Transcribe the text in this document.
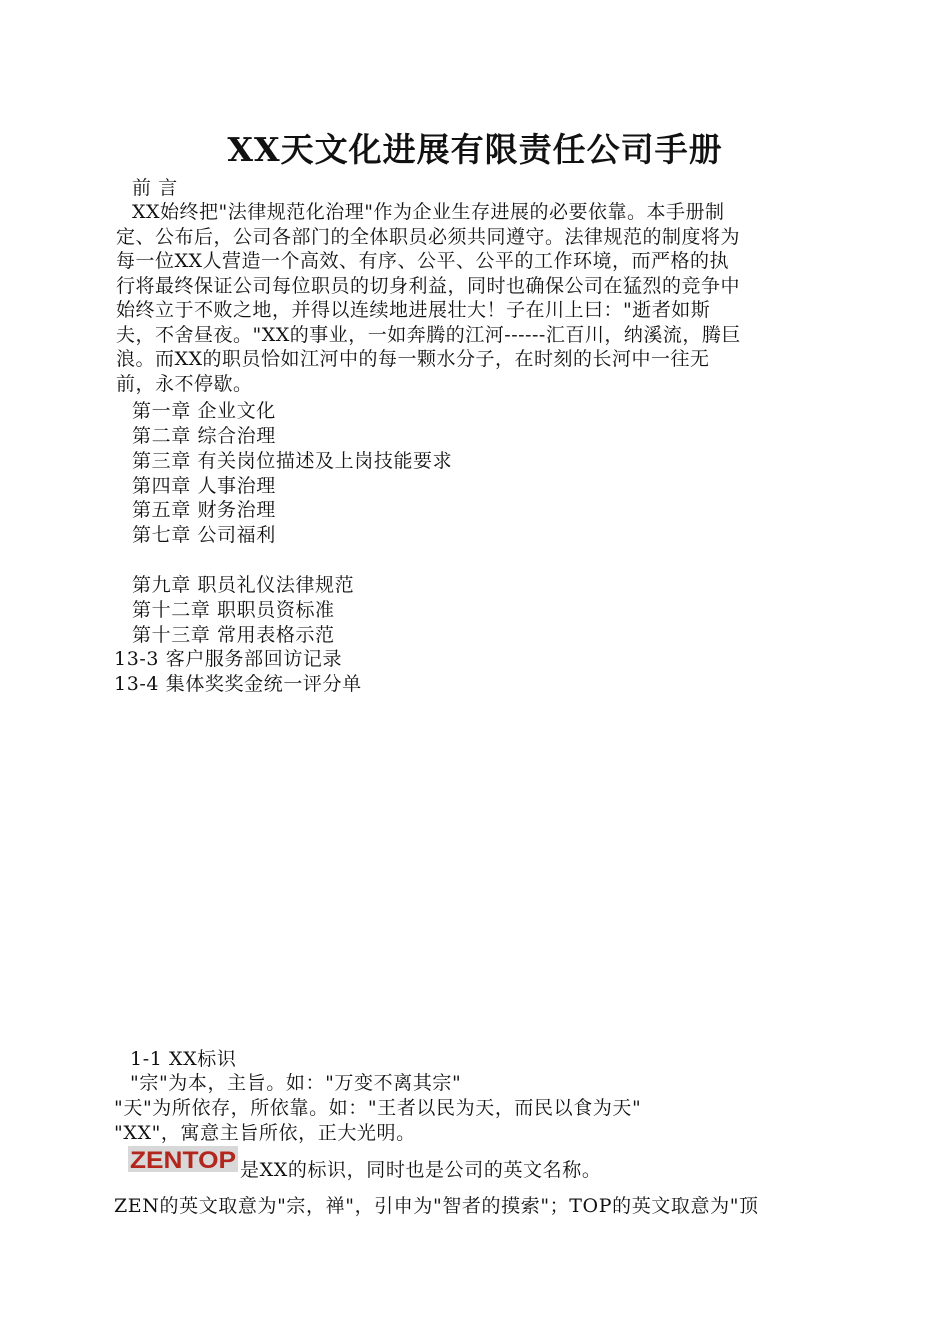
XX天文化进展有限责任公司手册
前 言
XX始终把"法律规范化治理"作为企业生存进展的必要依靠。本手册制
定、公布后，公司各部门的全体职员必须共同遵守。法律规范的制度将为
每一位XX人营造一个高效、有序、公平、公平的工作环境，而严格的执
行将最终保证公司每位职员的切身利益，同时也确保公司在猛烈的竞争中
始终立于不败之地，并得以连续地进展壮大！子在川上曰："逝者如斯
夫，不舍昼夜。"XX的事业，一如奔腾的江河------汇百川，纳溪流，腾巨
浪。而XX的职员恰如江河中的每一颗水分子，在时刻的长河中一往无
前，永不停歇。
第一章 企业文化
第二章 综合治理
第三章 有关岗位描述及上岗技能要求
第四章 人事治理
第五章 财务治理
第七章 公司福利
第九章 职员礼仪法律规范
第十二章 职职员资标准
第十三章 常用表格示范
13-3 客户服务部回访记录
13-4 集体奖奖金统一评分单
1-1 XX标识
"宗"为本，主旨。如："万变不离其宗"
"天"为所依存，所依靠。如："王者以民为天，而民以食为天"
"XX"，寓意主旨所依，正大光明。
ZENTOP 是XX的标识，同时也是公司的英文名称。
ZEN的英文取意为"宗，禅"，引申为"智者的摸索"；TOP的英文取意为"顶
